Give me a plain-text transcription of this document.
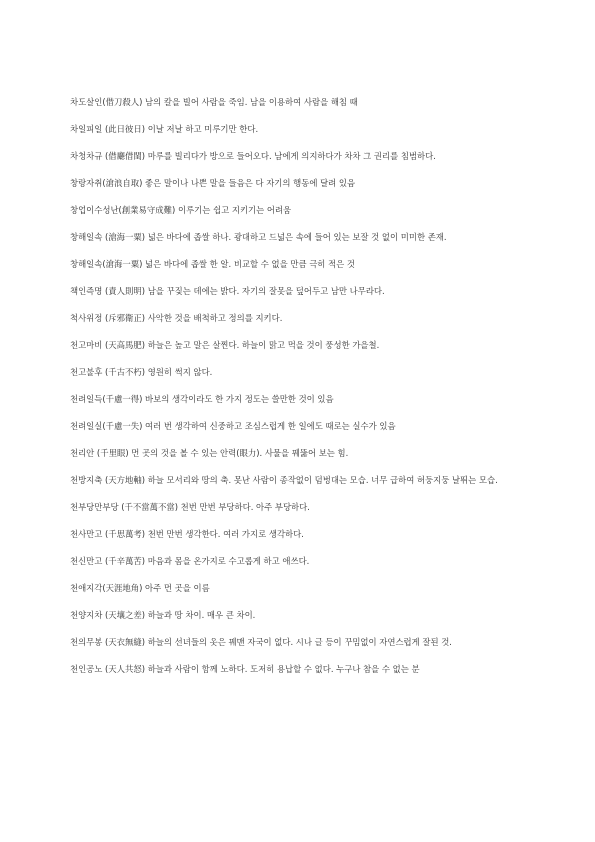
차도살인(借刀殺人) 남의 칼을 빌어 사람을 죽임. 남을 이용하여 사람을 해침 때

차일피일 (此日彼日) 이날 저날 하고 미루기만 한다.

차청차규 (借廳借閨) 마루를 빌리다가 방으로 들어오다. 남에게 의지하다가 차차 그 권리를 침범하다.

창랑자취(滄浪自取) 좋은 말이나 나쁜 말을 들음은 다 자기의 행동에 달려 있음

창업이수성난(創業易守成難) 이루기는 쉽고 지키기는 어려움

창해일속 (滄海一粟) 넓은 바다에 좁쌀 하나. 광대하고 드넓은 속에 들어 있는 보잘 것 없이 미미한 존재.

창해일속(滄海一粟) 넓은 바다에 좁쌀 한 알. 비교할 수 없을 만큼 극히 적은 것

책인즉명 (責人則明) 남을 꾸짖는 데에는 밝다. 자기의 잘못을 덮어두고 남만 나무라다.

척사위정 (斥邪衛正) 사악한 것을 배척하고 정의를 지키다.

천고마비 (天高馬肥) 하늘은 높고 말은 살찐다. 하늘이 맑고 먹을 것이 풍성한 가을철.

천고불후 (千古不朽) 영원히 썩지 않다.

천려일득(千慮一得) 바보의 생각이라도 한 가지 정도는 쓸만한 것이 있음

천려일실(千慮一失) 여러 번 생각하여 신중하고 조심스럽게 한 일에도 때로는 실수가 있음

천리안 (千里眼) 먼 곳의 것을 볼 수 있는 안력(眼力). 사물을 꿰뚫어 보는 힘.

천방지축 (天方地軸) 하늘 모서리와 땅의 축. 못난 사람이 종작없이 덤벙대는 모습. 너무 급하여 허둥지둥 날뛰는 모습.

천부당만부당 (千不當萬不當) 천번 만번 부당하다. 아주 부당하다.

천사만고 (千思萬考) 천번 만번 생각한다. 여러 가지로 생각하다.

천신만고 (千辛萬苦) 마음과 몸을 온가지로 수고롭게 하고 애쓰다.

천애지각(天涯地角) 아주 먼 곳을 이름

천양지차 (天壤之差) 하늘과 땅 차이. 매우 큰 차이.

천의무봉 (天衣無縫) 하늘의 선녀들의 옷은 꿰맨 자국이 없다. 시나 글 등이 꾸밈없이 자연스럽게 잘된 것.

천인공노 (天人共怒) 하늘과 사람이 함께 노하다. 도저히 용납할 수 없다. 누구나 참을 수 없는 분
